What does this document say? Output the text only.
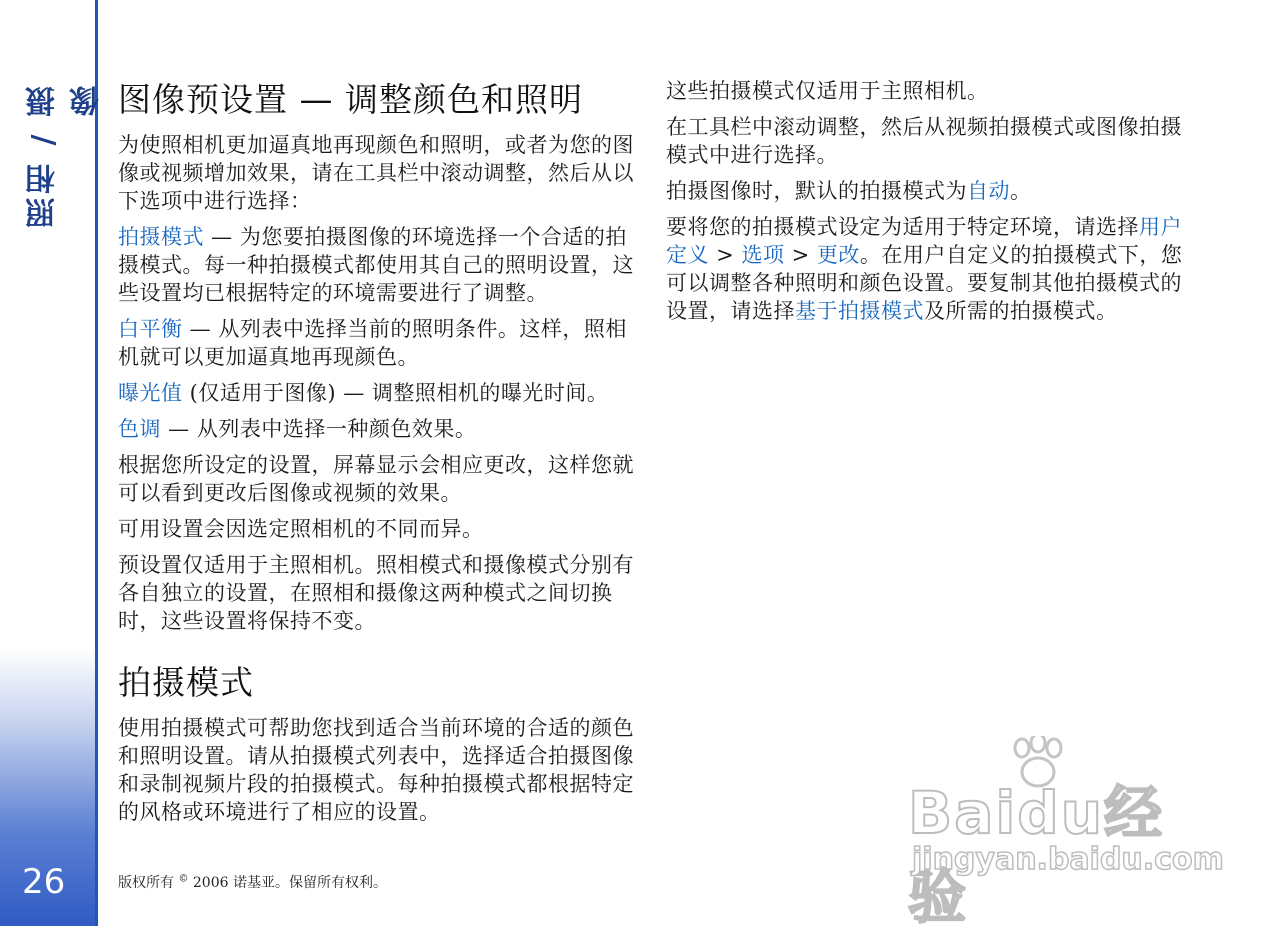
照相 / 摄像
26
图像预设置 — 调整颜色和照明

为使照相机更加逼真地再现颜色和照明，或者为您的图像或视频增加效果，请在工具栏中滚动调整，然后从以下选项中进行选择：

拍摄模式 — 为您要拍摄图像的环境选择一个合适的拍摄模式。每一种拍摄模式都使用其自己的照明设置，这些设置均已根据特定的环境需要进行了调整。

白平衡 — 从列表中选择当前的照明条件。这样，照相机就可以更加逼真地再现颜色。

曝光值 (仅适用于图像) — 调整照相机的曝光时间。

色调 — 从列表中选择一种颜色效果。

根据您所设定的设置，屏幕显示会相应更改，这样您就可以看到更改后图像或视频的效果。

可用设置会因选定照相机的不同而异。

预设置仅适用于主照相机。照相模式和摄像模式分别有各自独立的设置，在照相和摄像这两种模式之间切换时，这些设置将保持不变。

拍摄模式

使用拍摄模式可帮助您找到适合当前环境的合适的颜色和照明设置。请从拍摄模式列表中，选择适合拍摄图像和录制视频片段的拍摄模式。每种拍摄模式都根据特定的风格或环境进行了相应的设置。

这些拍摄模式仅适用于主照相机。

在工具栏中滚动调整，然后从视频拍摄模式或图像拍摄模式中进行选择。

拍摄图像时，默认的拍摄模式为自动。

要将您的拍摄模式设定为适用于特定环境，请选择用户定义 > 选项 > 更改。在用户自定义的拍摄模式下，您可以调整各种照明和颜色设置。要复制其他拍摄模式的设置，请选择基于拍摄模式及所需的拍摄模式。

版权所有 © 2006 诺基亚。保留所有权利。
Baidu经验
jingyan.baidu.com
